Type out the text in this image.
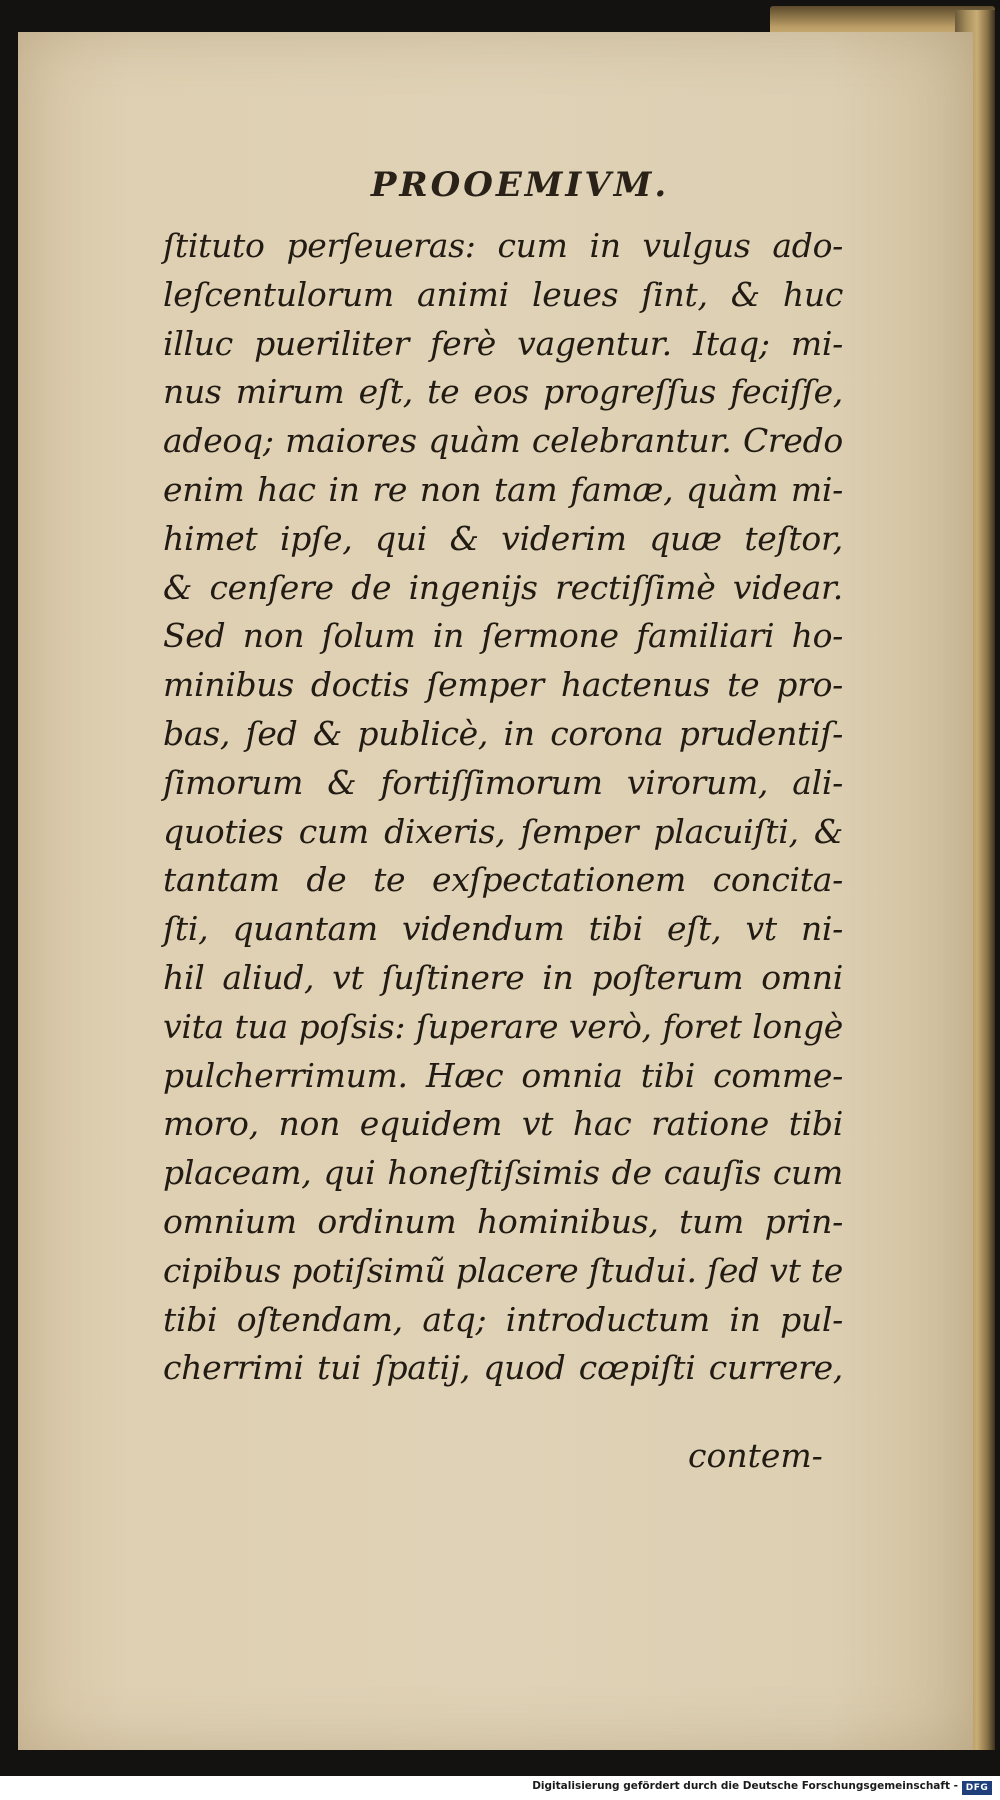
PROOEMIVM.
ſtituto perſeueras: cum in vulgus ado-
leſcentulorum animi leues ſint, & huc
illuc pueriliter ferè vagentur. Itaq; mi-
nus mirum eſt, te eos progreſſus feciſſe,
adeoq; maiores quàm celebrantur. Credo
enim hac in re non tam famæ, quàm mi-
himet ipſe, qui & viderim quæ teſtor,
& cenſere de ingenijs rectiſſimè videar.
Sed non ſolum in ſermone familiari ho-
minibus doctis ſemper hactenus te pro-
bas, ſed & publicè, in corona prudentiſ-
ſimorum & fortiſſimorum virorum, ali-
quoties cum dixeris, ſemper placuiſti, &
tantam de te exſpectationem concita-
ſti, quantam videndum tibi eſt, vt ni-
hil aliud, vt ſuſtinere in poſterum omni
vita tua poſsis: ſuperare verò, foret longè
pulcherrimum. Hæc omnia tibi comme-
moro, non equidem vt hac ratione tibi
placeam, qui honeſtiſsimis de cauſis cum
omnium ordinum hominibus, tum prin-
cipibus potiſsimũ placere ſtudui. ſed vt te
tibi oſtendam, atq; introductum in pul-
cherrimi tui ſpatij, quod cœpiſti currere,
contem-
Digitalisierung gefördert durch die Deutsche Forschungsgemeinschaft - DFG
